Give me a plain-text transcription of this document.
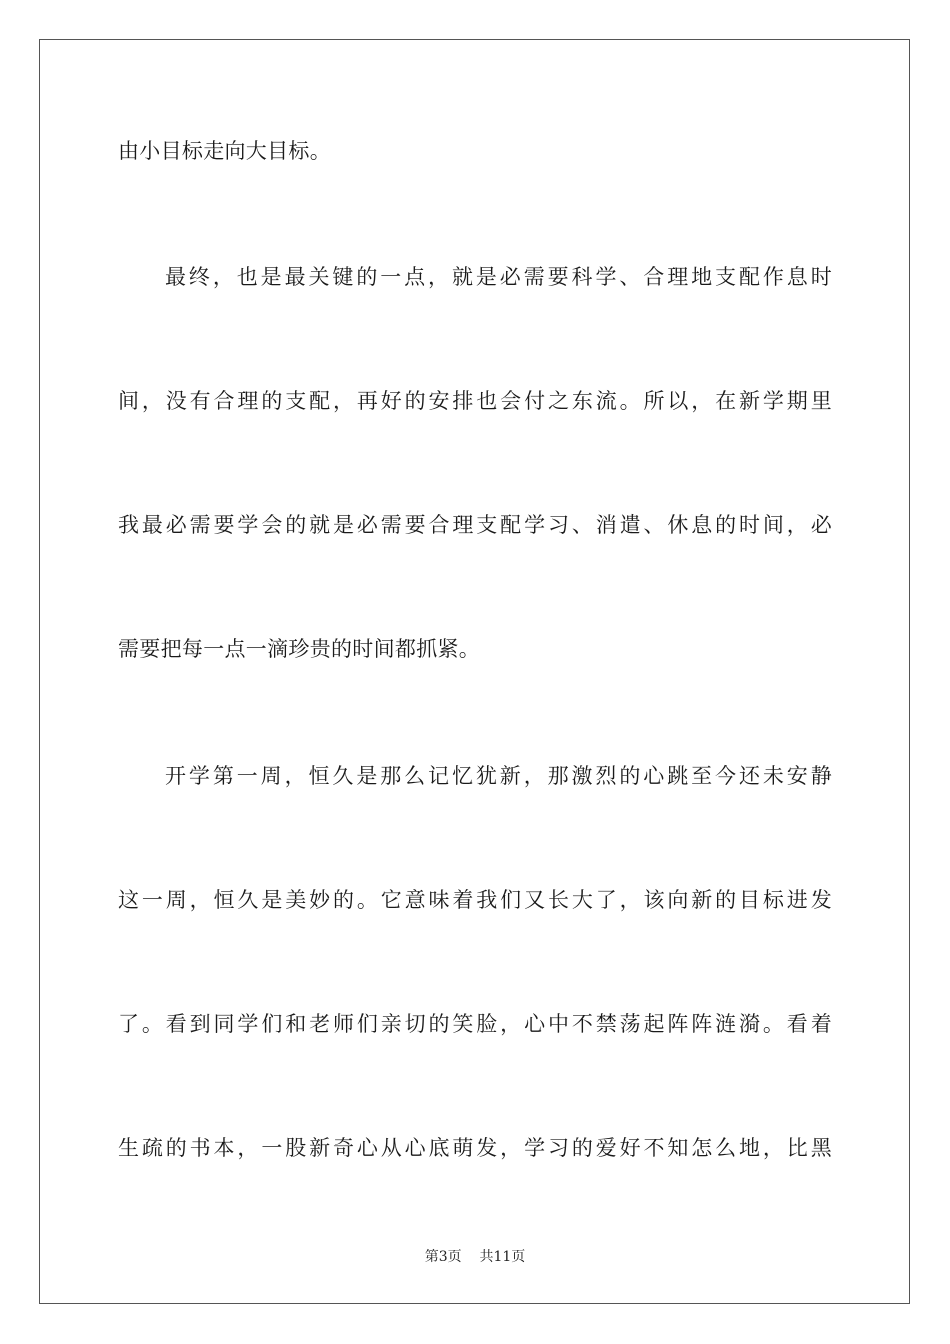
由小目标走向大目标。
最终，也是最关键的一点，就是必需要科学、合理地支配作息时
间，没有合理的支配，再好的安排也会付之东流。所以，在新学期里
我最必需要学会的就是必需要合理支配学习、消遣、休息的时间，必
需要把每一点一滴珍贵的时间都抓紧。
开学第一周，恒久是那么记忆犹新，那激烈的心跳至今还未安静
这一周，恒久是美妙的。它意味着我们又长大了，该向新的目标进发
了。看到同学们和老师们亲切的笑脸，心中不禁荡起阵阵涟漪。看着
生疏的书本，一股新奇心从心底萌发，学习的爱好不知怎么地，比黑
第3页 共11页
